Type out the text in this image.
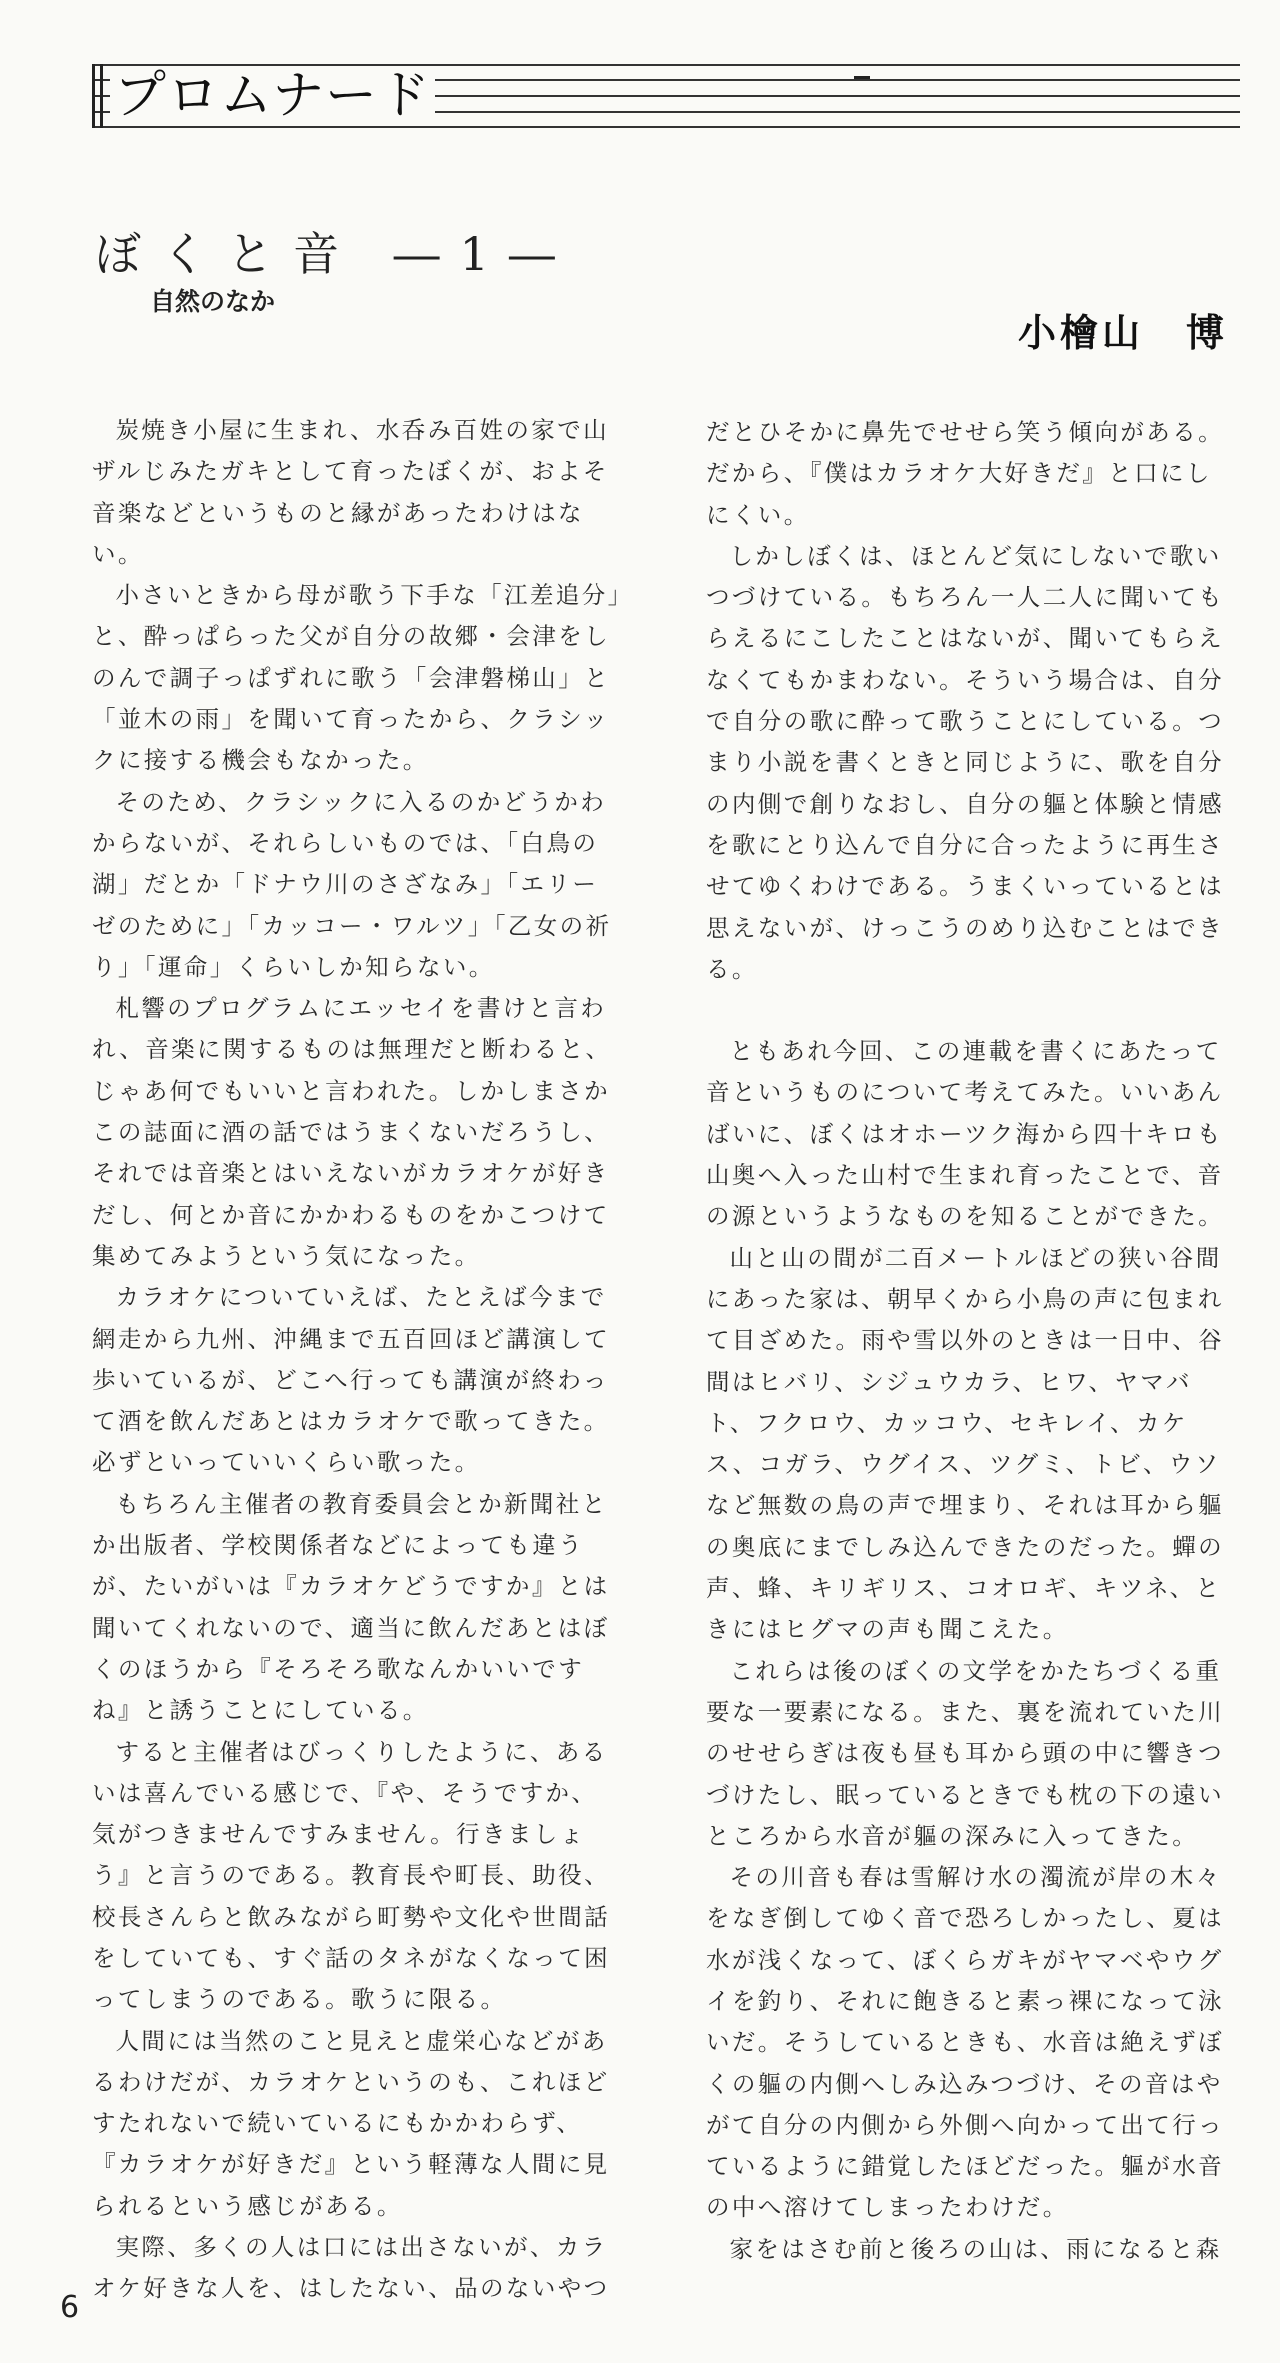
プロムナード
ぼくと音 ―1―
自然のなか
小檜山　博

炭焼き小屋に生まれ、水呑み百姓の家で山ザルじみたガキとして育ったぼくが、およそ音楽などというものと縁があったわけはない。

小さいときから母が歌う下手な「江差追分」と、酔っぱらった父が自分の故郷・会津をしのんで調子っぱずれに歌う「会津磐梯山」と「並木の雨」を聞いて育ったから、クラシックに接する機会もなかった。

そのため、クラシックに入るのかどうかわからないが、それらしいものでは、「白鳥の湖」だとか「ドナウ川のさざなみ」「エリーゼのために」「カッコー・ワルツ」「乙女の祈り」「運命」くらいしか知らない。

札響のプログラムにエッセイを書けと言われ、音楽に関するものは無理だと断わると、じゃあ何でもいいと言われた。しかしまさかこの誌面に酒の話ではうまくないだろうし、それでは音楽とはいえないがカラオケが好きだし、何とか音にかかわるものをかこつけて集めてみようという気になった。

カラオケについていえば、たとえば今まで網走から九州、沖縄まで五百回ほど講演して歩いているが、どこへ行っても講演が終わって酒を飲んだあとはカラオケで歌ってきた。必ずといっていいくらい歌った。

もちろん主催者の教育委員会とか新聞社とか出版者、学校関係者などによっても違うが、たいがいは『カラオケどうですか』とは聞いてくれないので、適当に飲んだあとはぼくのほうから『そろそろ歌なんかいいですね』と誘うことにしている。

すると主催者はびっくりしたように、あるいは喜んでいる感じで、『や、そうですか、気がつきませんですみません。行きましょう』と言うのである。教育長や町長、助役、校長さんらと飲みながら町勢や文化や世間話をしていても、すぐ話のタネがなくなって困ってしまうのである。歌うに限る。

人間には当然のこと見えと虚栄心などがあるわけだが、カラオケというのも、これほどすたれないで続いているにもかかわらず、『カラオケが好きだ』という軽薄な人間に見られるという感じがある。

実際、多くの人は口には出さないが、カラオケ好きな人を、はしたない、品のないやつ

だとひそかに鼻先でせせら笑う傾向がある。だから、『僕はカラオケ大好きだ』と口にしにくい。

しかしぼくは、ほとんど気にしないで歌いつづけている。もちろん一人二人に聞いてもらえるにこしたことはないが、聞いてもらえなくてもかまわない。そういう場合は、自分で自分の歌に酔って歌うことにしている。つまり小説を書くときと同じように、歌を自分の内側で創りなおし、自分の軀と体験と情感を歌にとり込んで自分に合ったように再生させてゆくわけである。うまくいっているとは思えないが、けっこうのめり込むことはできる。

ともあれ今回、この連載を書くにあたって音というものについて考えてみた。いいあんばいに、ぼくはオホーツク海から四十キロも山奥へ入った山村で生まれ育ったことで、音の源というようなものを知ることができた。

山と山の間が二百メートルほどの狭い谷間にあった家は、朝早くから小鳥の声に包まれて目ざめた。雨や雪以外のときは一日中、谷間はヒバリ、シジュウカラ、ヒワ、ヤマバト、フクロウ、カッコウ、セキレイ、カケス、コガラ、ウグイス、ツグミ、トビ、ウソなど無数の鳥の声で埋まり、それは耳から軀の奥底にまでしみ込んできたのだった。蟬の声、蜂、キリギリス、コオロギ、キツネ、ときにはヒグマの声も聞こえた。

これらは後のぼくの文学をかたちづくる重要な一要素になる。また、裏を流れていた川のせせらぎは夜も昼も耳から頭の中に響きつづけたし、眠っているときでも枕の下の遠いところから水音が軀の深みに入ってきた。

その川音も春は雪解け水の濁流が岸の木々をなぎ倒してゆく音で恐ろしかったし、夏は水が浅くなって、ぼくらガキがヤマベやウグイを釣り、それに飽きると素っ裸になって泳いだ。そうしているときも、水音は絶えずぼくの軀の内側へしみ込みつづけ、その音はやがて自分の内側から外側へ向かって出て行っているように錯覚したほどだった。軀が水音の中へ溶けてしまったわけだ。

家をはさむ前と後ろの山は、雨になると森

6
